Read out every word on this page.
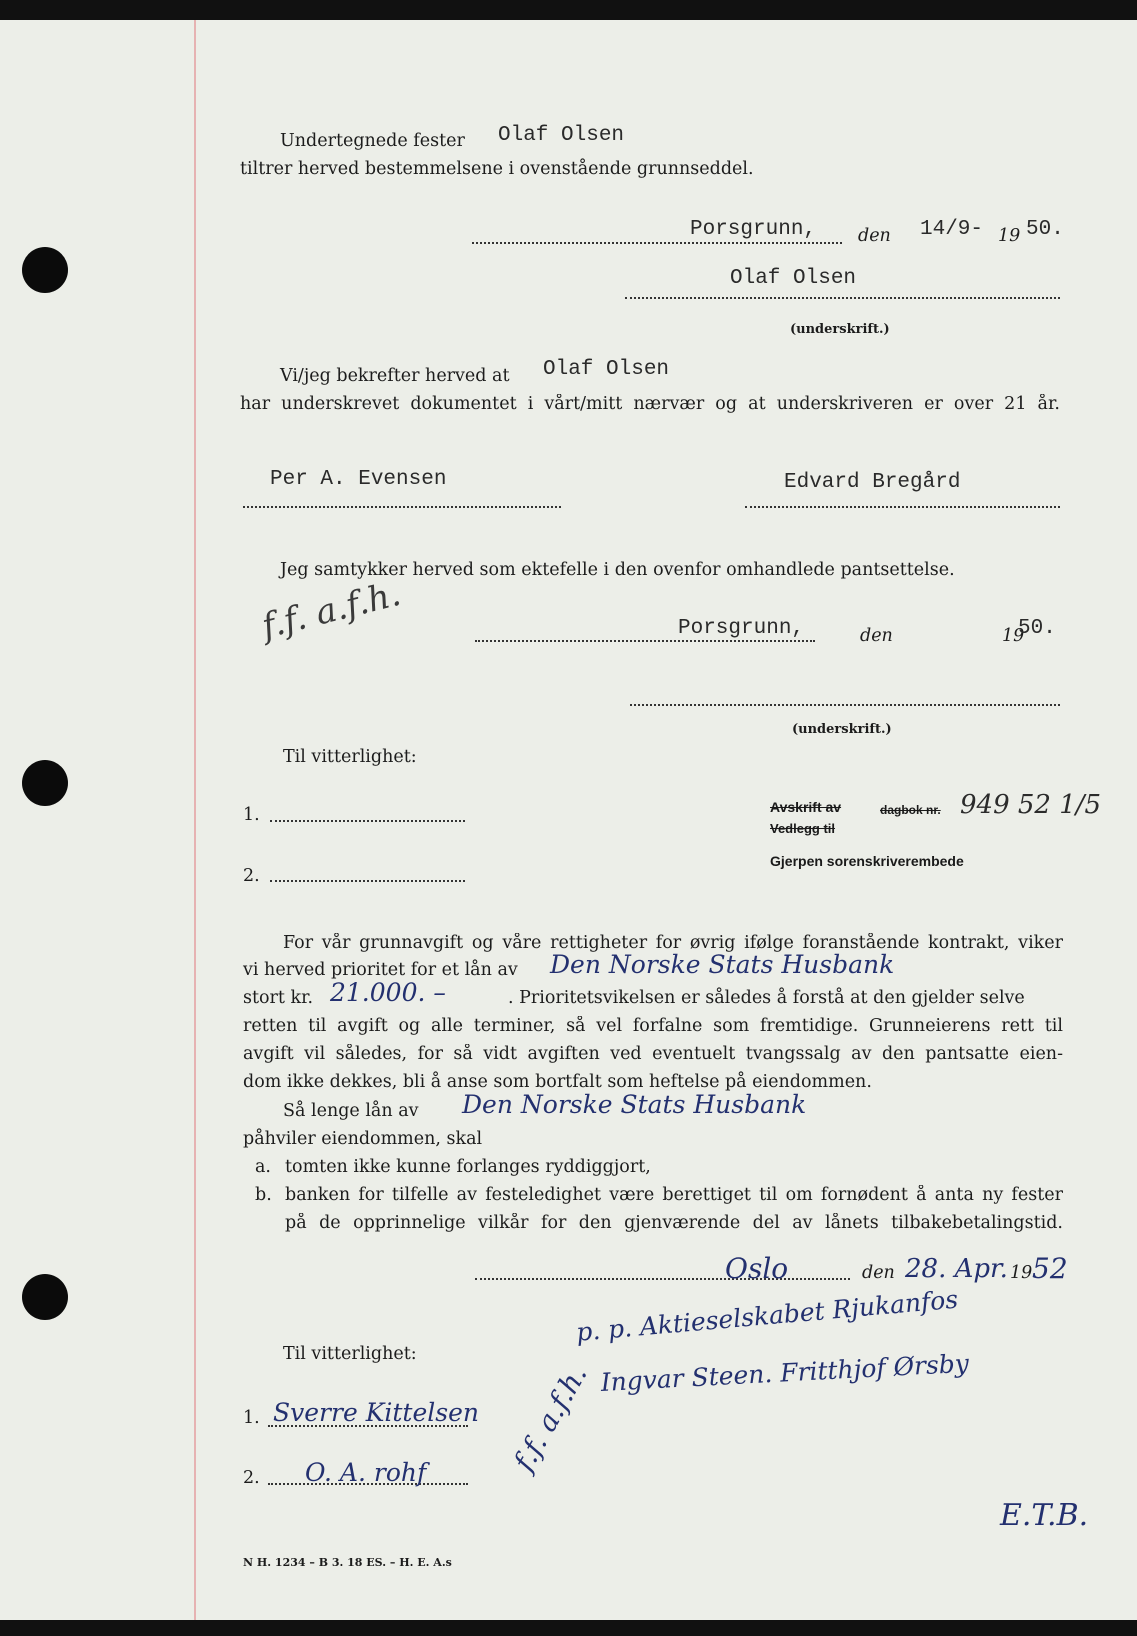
Undertegnede fester Olaf Olsen
tiltrer herved bestemmelsene i ovenstående grunnseddel.
Porsgrunn, den 14/9- 19 50.
Olaf Olsen
(underskrift.)
Vi/jeg bekrefter herved at Olaf Olsen
har underskrevet dokumentet i vårt/mitt nærvær og at underskriveren er over 21 år.
Per A. Evensen	Edvard Bregård
Jeg samtykker herved som ektefelle i den ovenfor omhandlede pantsettelse.
f.f. a.f.h.	Porsgrunn,	den	19
50.
(underskrift.)
Til vitterlighet:
1.
2.
Avskrift av	dagbok nr. 949 52 1/5
Vedlegg til
Gjerpen sorenskriverembede
For vår grunnavgift og våre rettigheter for øvrig ifølge foranstående kontrakt, viker
vi herved prioritet for et lån av Den Norske Stats Husbank
stort kr. 21.000. –	. Prioritetsvikelsen er således å forstå at den gjelder selve
retten til avgift og alle terminer, så vel forfalne som fremtidige. Grunneierens rett til
avgift vil således, for så vidt avgiften ved eventuelt tvangssalg av den pantsatte eien-
dom ikke dekkes, bli å anse som bortfalt som heftelse på eiendommen.
Så lenge lån av Den Norske Stats Husbank
påhviler eiendommen, skal
a. tomten ikke kunne forlanges ryddiggjort,
b. banken for tilfelle av festeledighet være berettiget til om fornødent å anta ny fester
på de opprinnelige vilkår for den gjenværende del av lånets tilbakebetalingstid.
Oslo	den 28. Apr. 19 52
Til vitterlighet:
p. p. Aktieselskabet Rjukanfos
Ingvar Steen. Fritthjof Ørsby
1. Sverre Kittelsen
2. O. A. rohf	f.f. a.f.h.
E.T.B.
N H. 1234 – B 3. 18 ES. – H. E. A.s
